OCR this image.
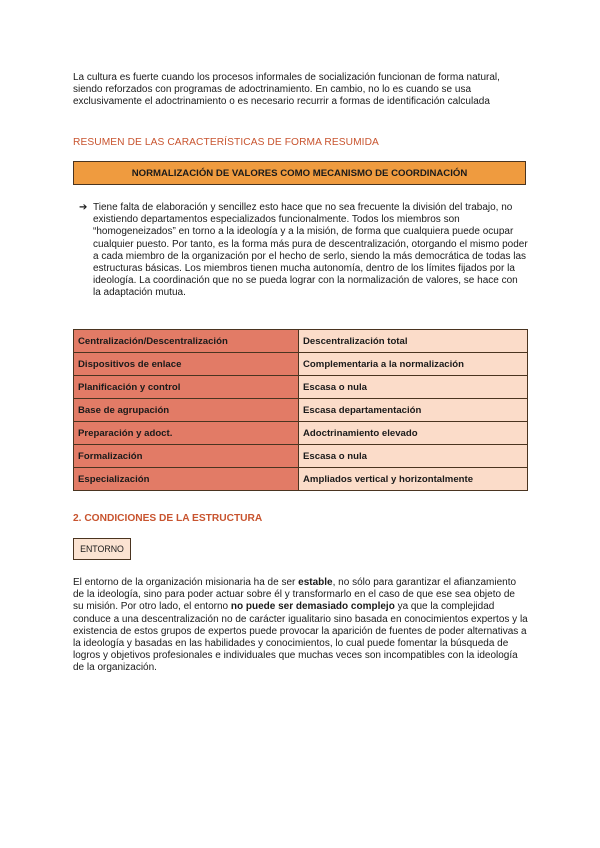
La cultura es fuerte cuando los procesos informales de socialización funcionan de forma natural, siendo reforzados con programas de adoctrinamiento. En cambio, no lo es cuando se usa exclusivamente el adoctrinamiento o es necesario recurrir a formas de identificación calculada

RESUMEN DE LAS CARACTERÍSTICAS DE FORMA RESUMIDA
NORMALIZACIÓN DE VALORES COMO MECANISMO DE COORDINACIÓN

➔ Tiene falta de elaboración y sencillez esto hace que no sea frecuente la división del trabajo, no existiendo departamentos especializados funcionalmente. Todos los miembros son “homogeneizados” en torno a la ideología y a la misión, de forma que cualquiera puede ocupar cualquier puesto. Por tanto, es la forma más pura de descentralización, otorgando el mismo poder a cada miembro de la organización por el hecho de serlo, siendo la más democrática de todas las estructuras básicas. Los miembros tienen mucha autonomía, dentro de los límites fijados por la ideología. La coordinación que no se pueda lograr con la normalización de valores, se hace con la adaptación mutua.

Centralización/Descentralización	Descentralización total
Dispositivos de enlace	Complementaria a la normalización
Planificación y control	Escasa o nula
Base de agrupación	Escasa departamentación
Preparación y adoct.	Adoctrinamiento elevado
Formalización	Escasa o nula
Especialización	Ampliados vertical y horizontalmente
2. CONDICIONES DE LA ESTRUCTURA
ENTORNO

El entorno de la organización misionaria ha de ser estable, no sólo para garantizar el afianzamiento de la ideología, sino para poder actuar sobre él y transformarlo en el caso de que ese sea objeto de su misión. Por otro lado, el entorno no puede ser demasiado complejo ya que la complejidad conduce a una descentralización no de carácter igualitario sino basada en conocimientos expertos y la existencia de estos grupos de expertos puede provocar la aparición de fuentes de poder alternativas a la ideología y basadas en las habilidades y conocimientos, lo cual puede fomentar la búsqueda de logros y objetivos profesionales e individuales que muchas veces son incompatibles con la ideología de la organización.
